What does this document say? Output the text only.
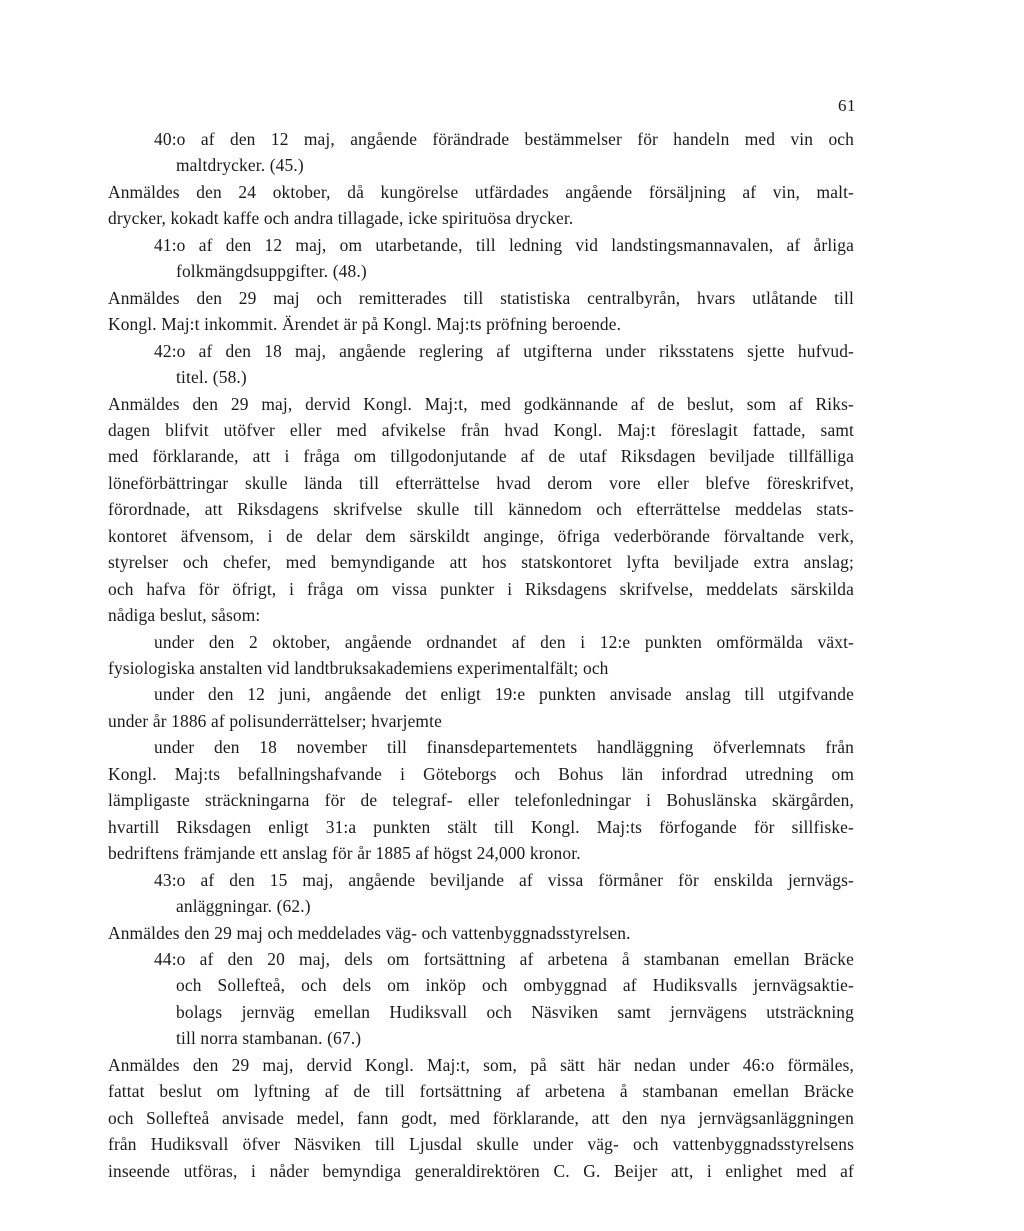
61
40:o af den 12 maj, angående förändrade bestämmelser för handeln med vin och
maltdrycker. (45.)
Anmäldes den 24 oktober, då kungörelse utfärdades angående försäljning af vin, malt-
drycker, kokadt kaffe och andra tillagade, icke spirituösa drycker.
41:o af den 12 maj, om utarbetande, till ledning vid landstingsmannavalen, af årliga
folkmängdsuppgifter. (48.)
Anmäldes den 29 maj och remitterades till statistiska centralbyrån, hvars utlåtande till
Kongl. Maj:t inkommit. Ärendet är på Kongl. Maj:ts pröfning beroende.
42:o af den 18 maj, angående reglering af utgifterna under riksstatens sjette hufvud-
titel. (58.)
Anmäldes den 29 maj, dervid Kongl. Maj:t, med godkännande af de beslut, som af Riks-
dagen blifvit utöfver eller med afvikelse från hvad Kongl. Maj:t föreslagit fattade, samt
med förklarande, att i fråga om tillgodonjutande af de utaf Riksdagen beviljade tillfälliga
löneförbättringar skulle lända till efterrättelse hvad derom vore eller blefve föreskrifvet,
förordnade, att Riksdagens skrifvelse skulle till kännedom och efterrättelse meddelas stats-
kontoret äfvensom, i de delar dem särskildt anginge, öfriga vederbörande förvaltande verk,
styrelser och chefer, med bemyndigande att hos statskontoret lyfta beviljade extra anslag;
och hafva för öfrigt, i fråga om vissa punkter i Riksdagens skrifvelse, meddelats särskilda
nådiga beslut, såsom:
under den 2 oktober, angående ordnandet af den i 12:e punkten omförmälda växt-
fysiologiska anstalten vid landtbruksakademiens experimentalfält; och
under den 12 juni, angående det enligt 19:e punkten anvisade anslag till utgifvande
under år 1886 af polisunderrättelser; hvarjemte
under den 18 november till finansdepartementets handläggning öfverlemnats från
Kongl. Maj:ts befallningshafvande i Göteborgs och Bohus län infordrad utredning om
lämpligaste sträckningarna för de telegraf- eller telefonledningar i Bohuslänska skärgården,
hvartill Riksdagen enligt 31:a punkten stält till Kongl. Maj:ts förfogande för sillfiske-
bedriftens främjande ett anslag för år 1885 af högst 24,000 kronor.
43:o af den 15 maj, angående beviljande af vissa förmåner för enskilda jernvägs-
anläggningar. (62.)
Anmäldes den 29 maj och meddelades väg- och vattenbyggnadsstyrelsen.
44:o af den 20 maj, dels om fortsättning af arbetena å stambanan emellan Bräcke
och Sollefteå, och dels om inköp och ombyggnad af Hudiksvalls jernvägsaktie-
bolags jernväg emellan Hudiksvall och Näsviken samt jernvägens utsträckning
till norra stambanan. (67.)
Anmäldes den 29 maj, dervid Kongl. Maj:t, som, på sätt här nedan under 46:o förmäles,
fattat beslut om lyftning af de till fortsättning af arbetena å stambanan emellan Bräcke
och Sollefteå anvisade medel, fann godt, med förklarande, att den nya jernvägsanläggningen
från Hudiksvall öfver Näsviken till Ljusdal skulle under väg- och vattenbyggnadsstyrelsens
inseende utföras, i nåder bemyndiga generaldirektören C. G. Beijer att, i enlighet med af
